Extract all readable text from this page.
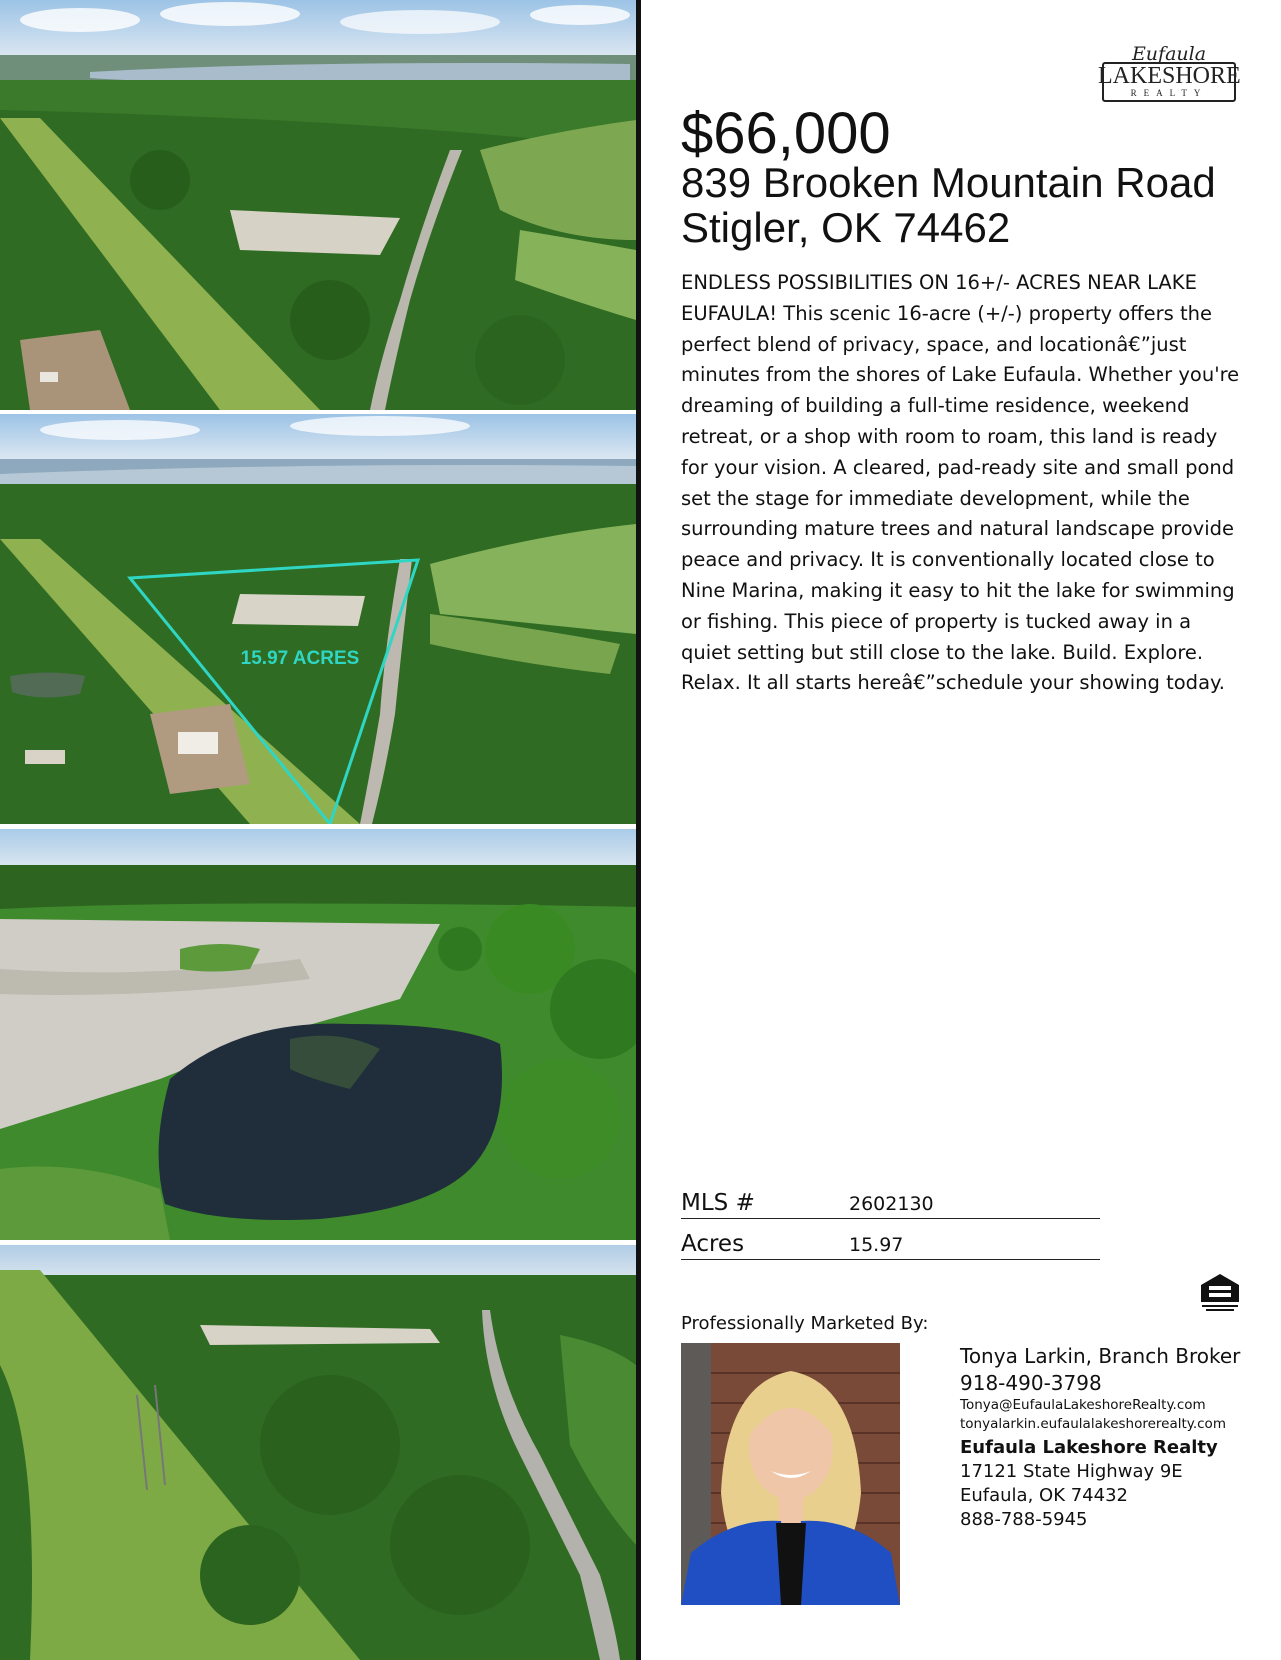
15.97 ACRES
Eufaula
LAKESHORE
REALTY
$66,000
839 Brooken Mountain Road
Stigler, OK 74462
ENDLESS POSSIBILITIES ON 16+/- ACRES NEAR LAKE EUFAULA! This scenic 16-acre (+/-) property offers the perfect blend of privacy, space, and locationâ€”just minutes from the shores of Lake Eufaula. Whether you're dreaming of building a full-time residence, weekend retreat, or a shop with room to roam, this land is ready for your vision. A cleared, pad-ready site and small pond set the stage for immediate development, while the surrounding mature trees and natural landscape provide peace and privacy. It is conventionally located close to Nine Marina, making it easy to hit the lake for swimming or fishing. This piece of property is tucked away in a quiet setting but still close to the lake. Build. Explore. Relax. It all starts hereâ€”schedule your showing today.
MLS #	2602130
Acres	15.97
Professionally Marketed By:
Tonya Larkin, Branch Broker
918-490-3798
Tonya@EufaulaLakeshoreRealty.com
tonyalarkin.eufaulalakeshorerealty.com
Eufaula Lakeshore Realty
17121 State Highway 9E
Eufaula, OK 74432
888-788-5945
